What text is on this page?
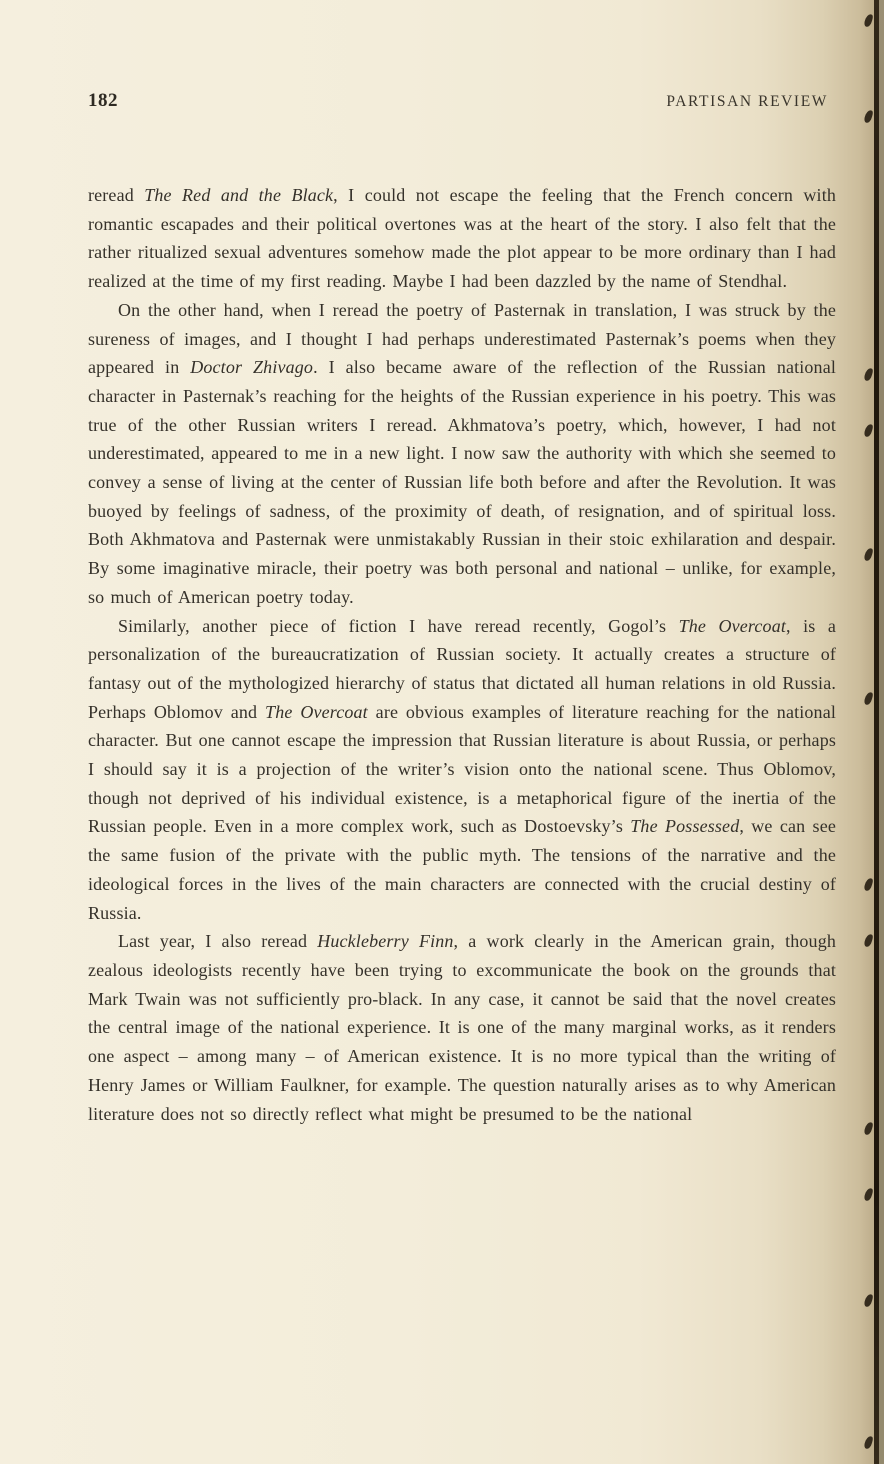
182	PARTISAN REVIEW

reread The Red and the Black, I could not escape the feeling that the French concern with romantic escapades and their political overtones was at the heart of the story. I also felt that the rather ritualized sexual adventures somehow made the plot appear to be more ordinary than I had realized at the time of my first reading. Maybe I had been dazzled by the name of Stendhal.

On the other hand, when I reread the poetry of Pasternak in translation, I was struck by the sureness of images, and I thought I had perhaps underestimated Pasternak’s poems when they appeared in Doctor Zhivago. I also became aware of the reflection of the Russian national character in Pasternak’s reaching for the heights of the Russian experience in his poetry. This was true of the other Russian writers I reread. Akhmatova’s poetry, which, however, I had not underestimated, appeared to me in a new light. I now saw the authority with which she seemed to convey a sense of living at the center of Russian life both before and after the Revolution. It was buoyed by feelings of sadness, of the proximity of death, of resignation, and of spiritual loss. Both Akhmatova and Pasternak were unmistakably Russian in their stoic exhilaration and despair. By some imaginative miracle, their poetry was both personal and national – unlike, for example, so much of American poetry today.

Similarly, another piece of fiction I have reread recently, Gogol’s The Overcoat, is a personalization of the bureaucratization of Russian society. It actually creates a structure of fantasy out of the mythologized hierarchy of status that dictated all human relations in old Russia. Perhaps Oblomov and The Overcoat are obvious examples of literature reaching for the national character. But one cannot escape the impression that Russian literature is about Russia, or perhaps I should say it is a projection of the writer’s vision onto the national scene. Thus Oblomov, though not deprived of his individual existence, is a metaphorical figure of the inertia of the Russian people. Even in a more complex work, such as Dostoevsky’s The Possessed, we can see the same fusion of the private with the public myth. The tensions of the narrative and the ideological forces in the lives of the main characters are connected with the crucial destiny of Russia.

Last year, I also reread Huckleberry Finn, a work clearly in the American grain, though zealous ideologists recently have been trying to excommunicate the book on the grounds that Mark Twain was not sufficiently pro-black. In any case, it cannot be said that the novel creates the central image of the national experience. It is one of the many marginal works, as it renders one aspect – among many – of American existence. It is no more typical than the writing of Henry James or William Faulkner, for example. The question naturally arises as to why American literature does not so directly reflect what might be presumed to be the national
